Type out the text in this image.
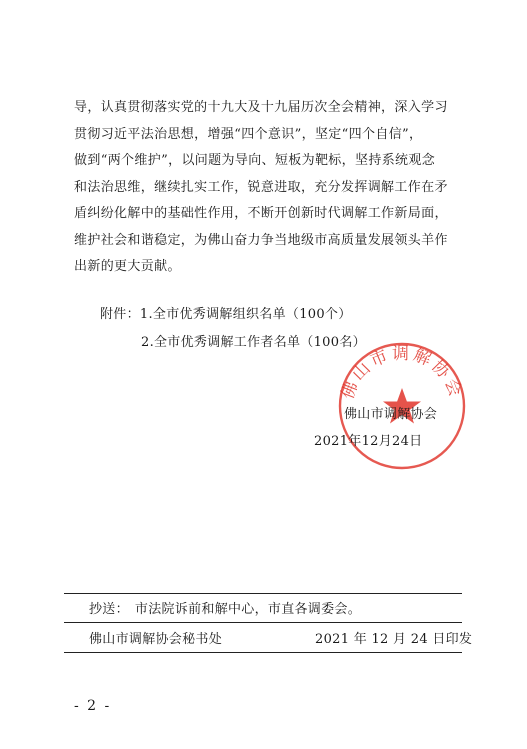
导，认真贯彻落实党的十九大及十九届历次全会精神，深入学习
贯彻习近平法治思想，增强“四个意识”，坚定“四个自信”，
做到“两个维护”，以问题为导向、短板为靶标，坚持系统观念
和法治思维，继续扎实工作，锐意进取，充分发挥调解工作在矛
盾纠纷化解中的基础性作用，不断开创新时代调解工作新局面，
维护社会和谐稳定，为佛山奋力争当地级市高质量发展领头羊作
出新的更大贡献。

附件：1.全市优秀调解组织名单（100个）
2.全市优秀调解工作者名单（100名）
佛山市调解协会
佛山市调解协会
2021年12月24日
抄送： 市法院诉前和解中心，市直各调委会。
佛山市调解协会秘书处	2021 年 12 月 24 日印发
- 2 -
